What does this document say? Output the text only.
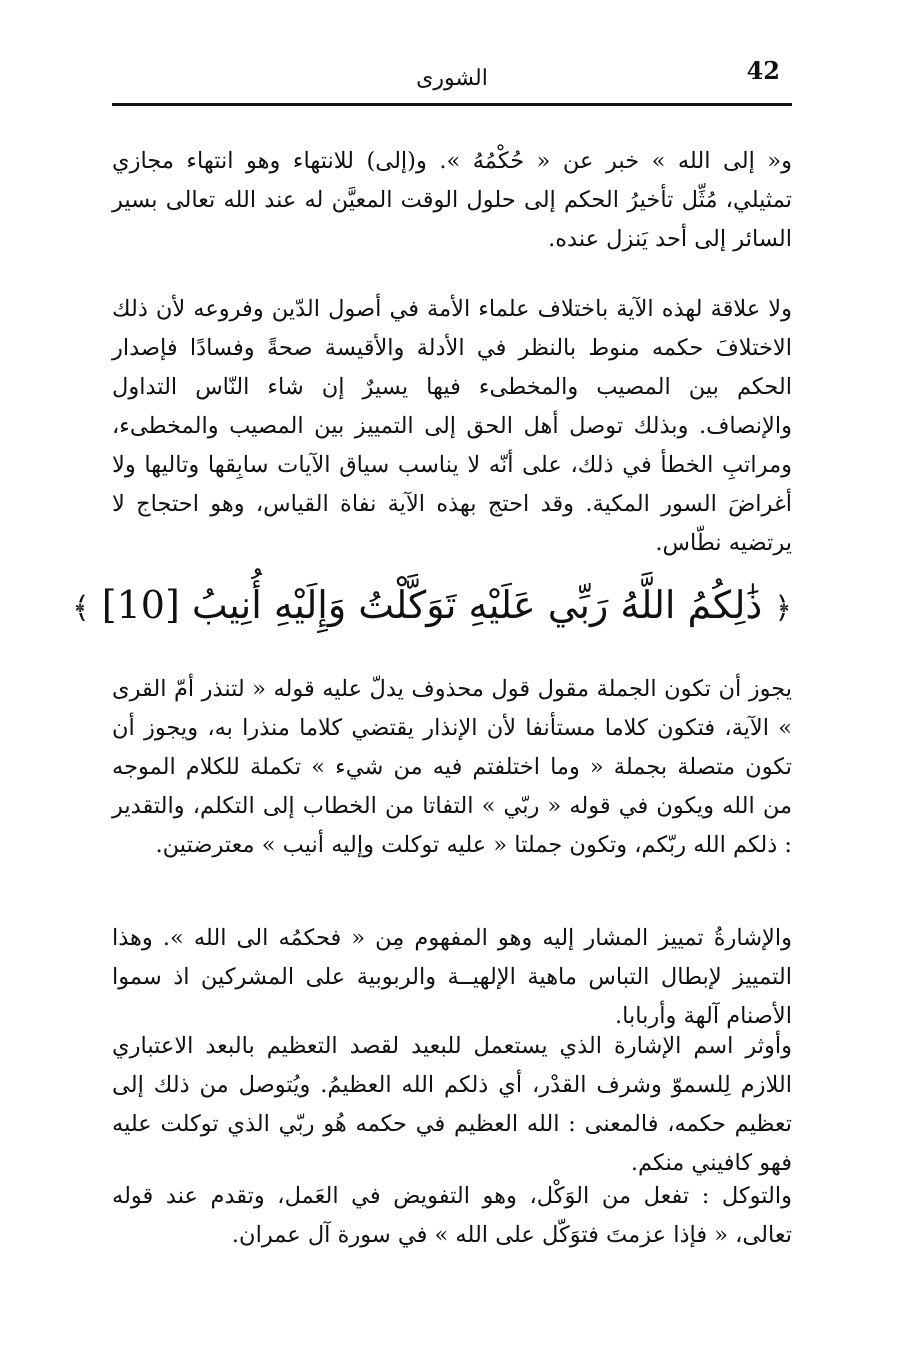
42
الشورى

و« إلى الله » خبر عن « حُكْمُهُ ». و(إلى) للانتهاء وهو انتهاء مجازي تمثيلي، مُثِّل تأخيرُ الحكم إلى حلول الوقت المعيَّن له عند الله تعالى بسير السائر إلى أحد يَنزل عنده.

ولا علاقة لهذه الآية باختلاف علماء الأمة في أصول الدّين وفروعه لأن ذلك الاختلافَ حكمه منوط بالنظر في الأدلة والأقيسة صحةً وفسادًا فإصدار الحكم بين المصيب والمخطىء فيها يسيرٌ إن شاء النّاس التداول والإنصاف. وبذلك توصل أهل الحق إلى التمييز بين المصيب والمخطىء، ومراتبِ الخطأ في ذلك، على أنّه لا يناسب سياق الآيات سابِقها وتاليها ولا أغراضَ السور المكية. وقد احتج بهذه الآية نفاة القياس، وهو احتجاج لا يرتضيه نطّاس.

﴿ ذَٰلِكُمُ اللَّهُ رَبِّي عَلَيْهِ تَوَكَّلْتُ وَإِلَيْهِ أُنِيبُ [10] ﴾

يجوز أن تكون الجملة مقول قول محذوف يدلّ عليه قوله « لتنذر أمّ القرى » الآية، فتكون كلاما مستأنفا لأن الإنذار يقتضي كلاما منذرا به، ويجوز أن تكون متصلة بجملة « وما اختلفتم فيه من شيء » تكملة للكلام الموجه من الله ويكون في قوله « ربّي » التفاتا من الخطاب إلى التكلم، والتقدير : ذلكم الله ربّكم، وتكون جملتا « عليه توكلت وإليه أنيب » معترضتين.

والإشارةُ تمييز المشار إليه وهو المفهوم مِن « فحكمُه الى الله ». وهذا التمييز لإبطال التباس ماهية الإلهيــة والربوبية على المشركين اذ سموا الأصنام آلهة وأربابا.

وأوثر اسم الإشارة الذي يستعمل للبعيد لقصد التعظيم بالبعد الاعتباري اللازم لِلسموّ وشرف القدْر، أي ذلكم الله العظيمُ. ويُتوصل من ذلك إلى تعظيم حكمه، فالمعنى : الله العظيم في حكمه هُو ربّي الذي توكلت عليه فهو كافيني منكم.

والتوكل : تفعل من الوَكْل، وهو التفويض في العَمل، وتقدم عند قوله تعالى، « فإذا عزمتَ فتوَكّل على الله » في سورة آل عمران.
